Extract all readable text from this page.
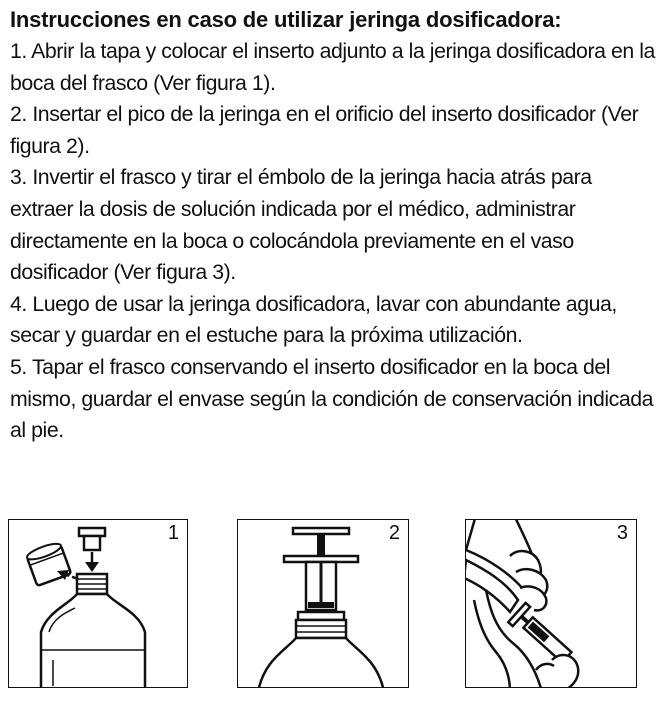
Instrucciones en caso de utilizar jeringa dosificadora:
1. Abrir la tapa y colocar el inserto adjunto a la jeringa dosificadora en la boca del frasco (Ver figura 1).
2. Insertar el pico de la jeringa en el orificio del inserto dosificador (Ver figura 2).
3. Invertir el frasco y tirar el émbolo de la jeringa hacia atrás para extraer la dosis de solución indicada por el médico, administrar directamente en la boca o colocándola previamente en el vaso dosificador (Ver figura 3).
4. Luego de usar la jeringa dosificadora, lavar con abundante agua, secar y guardar en el estuche para la próxima utilización.
5. Tapar el frasco conservando el inserto dosificador en la boca del mismo, guardar el envase según la condición de conservación indicada al pie.
1	2	3
